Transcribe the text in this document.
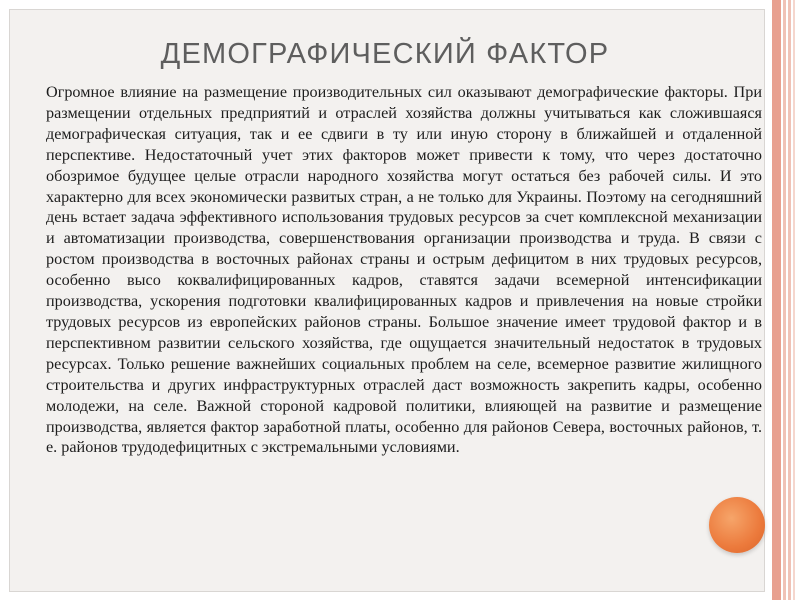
ДЕМОГРАФИЧЕСКИЙ ФАКТОР
Огромное влияние на размещение производительных сил оказывают демографические факторы. При размещении отдельных предприятий и отраслей хозяйства должны учитываться как сложившаяся демографическая ситуация, так и ее сдвиги в ту или иную сторону в ближайшей и отдаленной перспективе. Недостаточный учет этих факторов может привести к тому, что через достаточно обозримое будущее целые отрасли народного хозяйства могут остаться без рабочей силы. И это характерно для всех экономически развитых стран, а не только для Украины. Поэтому на сегодняшний день встает задача эффективного использования трудовых ресурсов за счет комплексной механизации и автоматизации производства, совершенствования организации производства и труда. В связи с ростом производства в восточных районах страны и острым дефицитом в них трудовых ресурсов, особенно высо коквалифицированных кадров, ставятся задачи всемерной интенсификации производства, ускорения подготовки квалифицированных кадров и привлечения на новые стройки трудовых ресурсов из европейских районов страны. Большое значение имеет трудовой фактор и в перспективном развитии сельского хозяйства, где ощущается значительный недостаток в трудовых ресурсах. Только решение важнейших социальных проблем на селе, всемерное развитие жилищного строительства и других инфраструктурных отраслей даст возможность закрепить кадры, особенно молодежи, на селе. Важной стороной кадровой политики, влияющей на развитие и размещение производства, является фактор заработной платы, особенно для районов Севера, восточных районов, т. е. районов трудодефицитных с экстремальными условиями.
